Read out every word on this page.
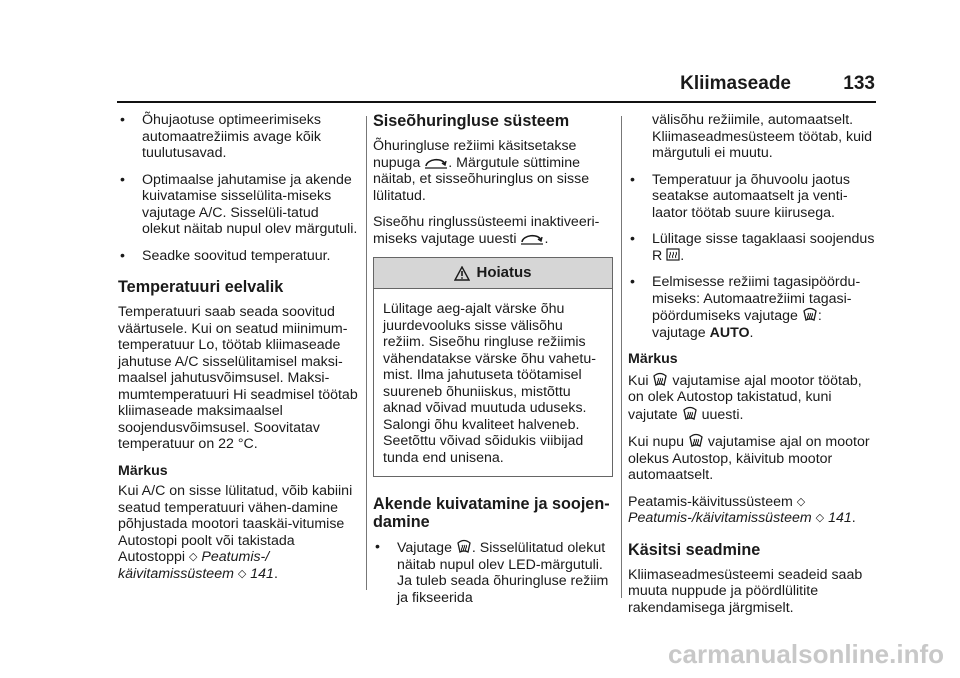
Kliimaseade	133
• Õhujaotuse optimeerimiseks automaatrežiimis avage kõik tuulutusavad.
• Optimaalse jahutamise ja akende kuivatamise sisselülita-miseks vajutage A/C. Sisselüli-tatud olekut näitab nupul olev märgutuli.
• Seadke soovitud temperatuur.
Temperatuuri eelvalik

Temperatuuri saab seada soovitud väärtusele. Kui on seatud miinimum-temperatuur Lo, töötab kliimaseade jahutuse A/C sisselülitamisel maksi-maalsel jahutusvõimsusel. Maksi-mumtemperatuuri Hi seadmisel töötab kliimaseade maksimaalsel soojendusvõimsusel. Soovitatav temperatuur on 22 °C.

Märkus

Kui A/C on sisse lülitatud, võib kabiini seatud temperatuuri vähen-damine põhjustada mootori taaskäi-vitumise Autostopi poolt või takistada Autostoppi ◇ Peatumis-/ käivitamissüsteem ◇ 141.

Siseõhuringluse süsteem

Õhuringluse režiimi käsitsetakse nupuga . Märgutule süttimine näitab, et sisseõhuringlus on sisse lülitatud.

Siseõhu ringlussüsteemi inaktiveeri-miseks vajutage uuesti .

Hoiatus
Lülitage aeg-ajalt värske õhu juurdevooluks sisse välisõhu režiim. Siseõhu ringluse režiimis vähendatakse värske õhu vahetu-mist. Ilma jahutuseta töötamisel suureneb õhuniiskus, mistõttu aknad võivad muutuda uduseks. Salongi õhu kvaliteet halveneb. Seetõttu võivad sõidukis viibijad tunda end unisena.
Akende kuivatamine ja soojen-damine
• Vajutage . Sisselülitatud olekut näitab nupul olev LED-märgutuli. Ja tuleb seada õhuringluse režiim ja fikseerida

välisõhu režiimile, automaatselt. Kliimaseadmesüsteem töötab, kuid märgutuli ei muutu.

• Temperatuur ja õhuvoolu jaotus seatakse automaatselt ja venti-laator töötab suure kiirusega.
• Lülitage sisse tagaklaasi soojendus R .
• Eelmisesse režiimi tagasipöördu-miseks: Automaatrežiimi tagasi-pöördumiseks vajutage : vajutage AUTO.

Märkus

Kui vajutamise ajal mootor töötab, on olek Autostop takistatud, kuni vajutate uuesti.

Kui nupu vajutamise ajal on mootor olekus Autostop, käivitub mootor automaatselt.

Peatamis-käivitussüsteem ◇ Peatumis-/käivitamissüsteem ◇ 141.

Käsitsi seadmine

Kliimaseadmesüsteemi seadeid saab muuta nuppude ja pöördlülitite rakendamisega järgmiselt.

carmanualsonline.info
